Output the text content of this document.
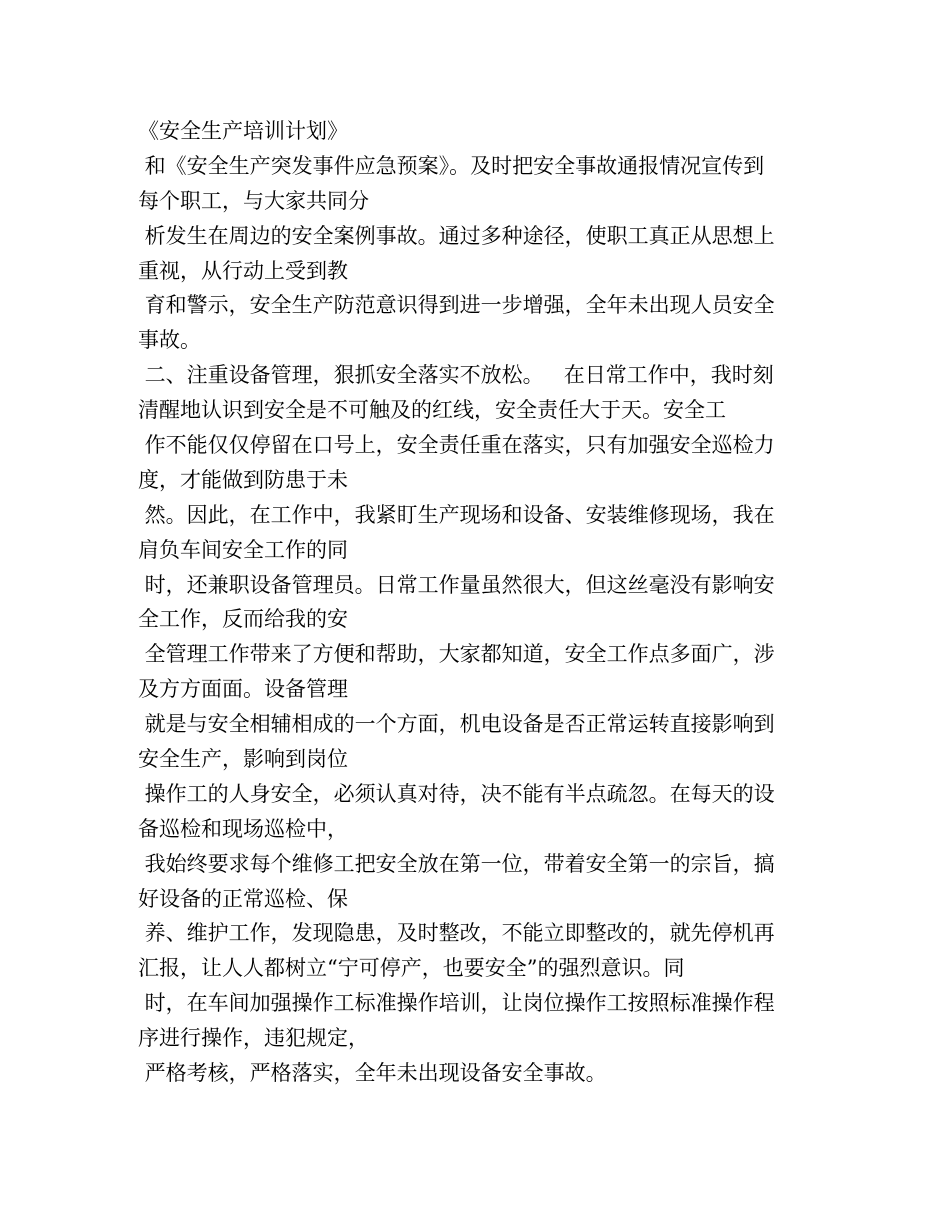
《安全生产培训计划》
和《安全生产突发事件应急预案》。及时把安全事故通报情况宣传到
每个职工，与大家共同分
析发生在周边的安全案例事故。通过多种途径，使职工真正从思想上
重视，从行动上受到教
育和警示，安全生产防范意识得到进一步增强，全年未出现人员安全
事故。
二、注重设备管理，狠抓安全落实不放松。   在日常工作中，我时刻
清醒地认识到安全是不可触及的红线，安全责任大于天。安全工
作不能仅仅停留在口号上，安全责任重在落实，只有加强安全巡检力
度，才能做到防患于未
然。因此，在工作中，我紧盯生产现场和设备、安装维修现场，我在
肩负车间安全工作的同
时，还兼职设备管理员。日常工作量虽然很大，但这丝毫没有影响安
全工作，反而给我的安
全管理工作带来了方便和帮助，大家都知道，安全工作点多面广，涉
及方方面面。设备管理
就是与安全相辅相成的一个方面，机电设备是否正常运转直接影响到
安全生产，影响到岗位
操作工的人身安全，必须认真对待，决不能有半点疏忽。在每天的设
备巡检和现场巡检中，
我始终要求每个维修工把安全放在第一位，带着安全第一的宗旨，搞
好设备的正常巡检、保
养、维护工作，发现隐患，及时整改，不能立即整改的，就先停机再
汇报，让人人都树立“宁可停产，也要安全”的强烈意识。同
时，在车间加强操作工标准操作培训，让岗位操作工按照标准操作程
序进行操作，违犯规定，
严格考核，严格落实，全年未出现设备安全事故。
